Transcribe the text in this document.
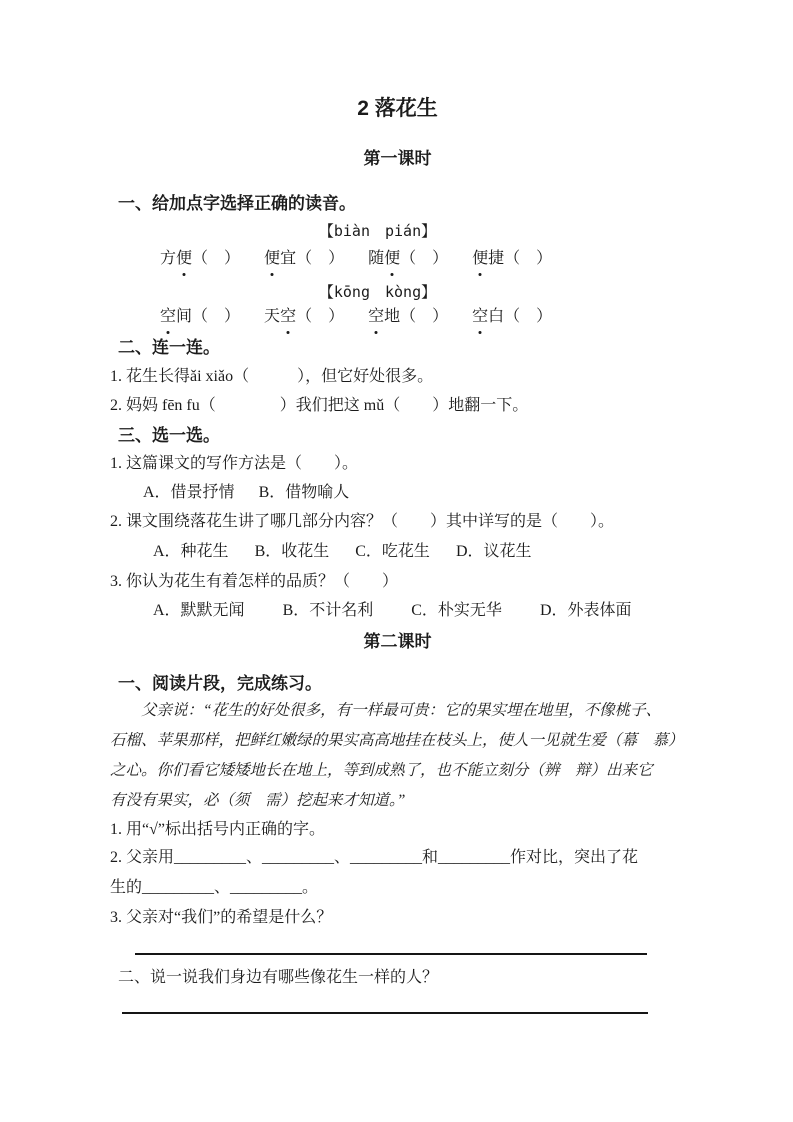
2 落花生
第一课时
一、给加点字选择正确的读音。
【biàn　pián】
方便（　） 便宜（　） 随便（　） 便捷（　）
【kōng　kòng】
空间（　） 天空（　） 空地（　） 空白（　）
二、连一连。
1. 花生长得ǎi xiǎo（　　　），但它好处很多。
2. 妈妈 fēn fu（　　　　）我们把这 mǔ（　　）地翻一下。
三、选一选。
1. 这篇课文的写作方法是（　　）。
A．借景抒情 B．借物喻人
2. 课文围绕落花生讲了哪几部分内容？（　　）其中详写的是（　　）。
A．种花生 B．收花生 C．吃花生 D．议花生
3. 你认为花生有着怎样的品质？（　　）
A．默默无闻 B．不计名利 C．朴实无华 D．外表体面
第二课时
一、阅读片段，完成练习。
父亲说：“花生的好处很多，有一样最可贵：它的果实埋在地里，不像桃子、
石榴、苹果那样，把鲜红嫩绿的果实高高地挂在枝头上，使人一见就生爱（幕　慕）
之心。你们看它矮矮地长在地上，等到成熟了，也不能立刻分（辨　辩）出来它
有没有果实，必（须　需）挖起来才知道。”
1. 用“√”标出括号内正确的字。
2. 父亲用_________、_________、_________和_________作对比，突出了花
生的_________、_________。
3. 父亲对“我们”的希望是什么？
二、说一说我们身边有哪些像花生一样的人？
